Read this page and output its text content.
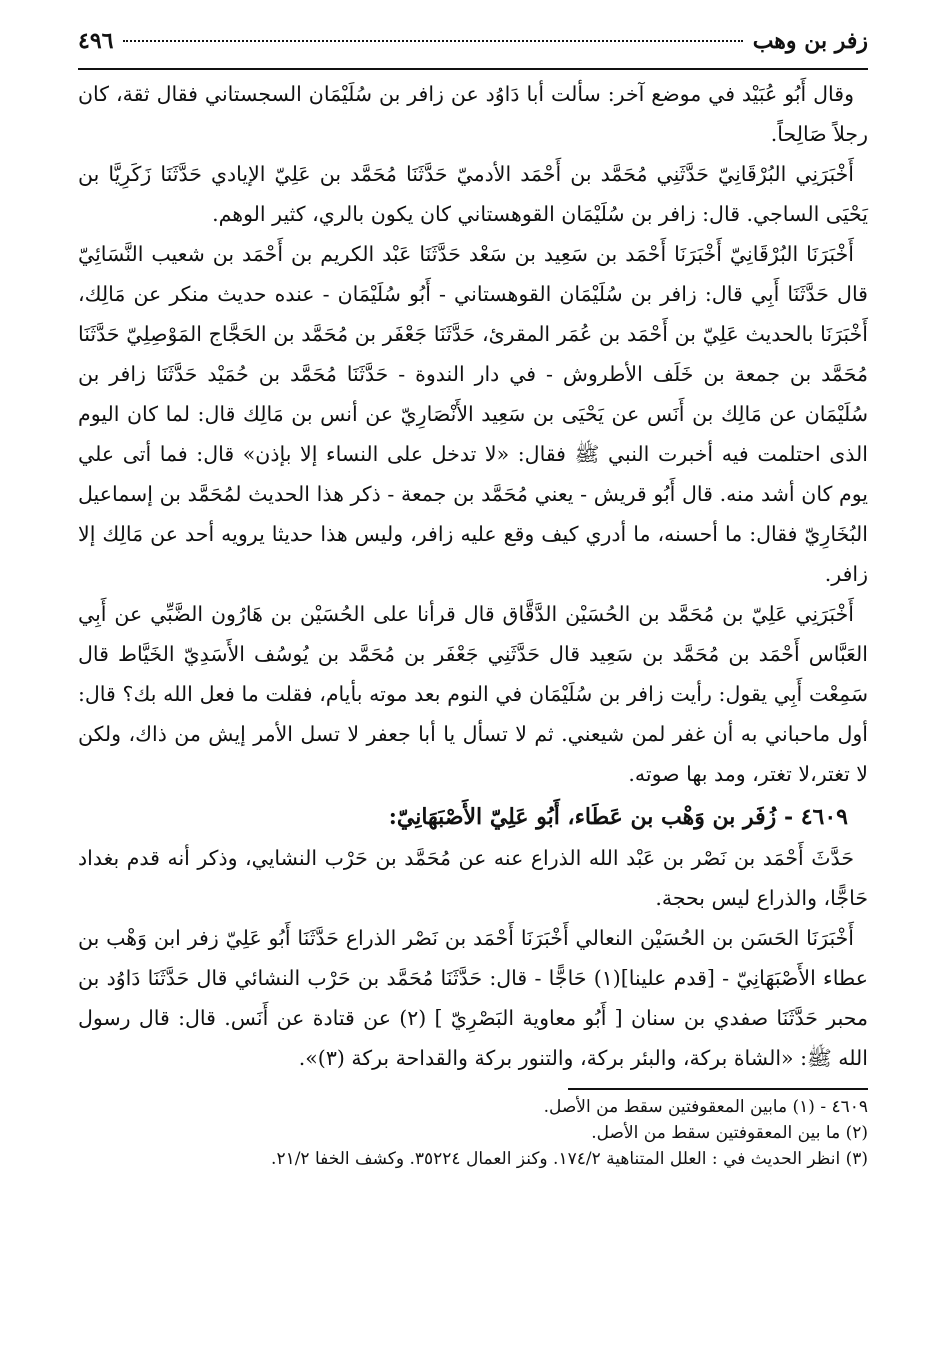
زفر بن وهب
٤٩٦

وقال أَبُو عُبَيْد في موضع آخر: سألت أبا دَاوُد عن زافر بن سُلَيْمَان السجستاني فقال ثقة، كان رجلاً صَالِحاً.

أَخْبَرَنِي البُرْقَانِيّ حَدَّثَنِي مُحَمَّد بن أَحْمَد الأدميّ حَدَّثَنَا مُحَمَّد بن عَلِيّ الإيادي حَدَّثَنَا زَكَرِيَّا بن يَحْيَى الساجي. قال: زافر بن سُلَيْمَان القوهستاني كان يكون بالري، كثير الوهم.

أَخْبَرَنَا البُرْقَانِيّ أَخْبَرَنَا أَحْمَد بن سَعِيد بن سَعْد حَدَّثَنَا عَبْد الكريم بن أَحْمَد بن شعيب النَّسَائِيّ قال حَدَّثَنَا أَبِي قال: زافر بن سُلَيْمَان القوهستاني - أَبُو سُلَيْمَان - عنده حديث منكر عن مَالِك، أَخْبَرَنَا بالحديث عَلِيّ بن أَحْمَد بن عُمَر المقرئ، حَدَّثَنَا جَعْفَر بن مُحَمَّد بن الحَجَّاج المَوْصِلِيّ حَدَّثَنَا مُحَمَّد بن جمعة بن خَلَف الأطروش - في دار الندوة - حَدَّثَنَا مُحَمَّد بن حُمَيْد حَدَّثَنَا زافر بن سُلَيْمَان عن مَالِك بن أَنَس عن يَحْيَى بن سَعِيد الأَنْصَارِيّ عن أنس بن مَالِك قال: لما كان اليوم الذى احتلمت فيه أخبرت النبي ﷺ فقال: «لا تدخل على النساء إلا بإذن» قال: فما أتى علي يوم كان أشد منه. قال أَبُو قريش - يعني مُحَمَّد بن جمعة - ذكر هذا الحديث لمُحَمَّد بن إسماعيل البُخَارِيّ فقال: ما أحسنه، ما أدري كيف وقع عليه زافر، وليس هذا حديثا يرويه أحد عن مَالِك إلا زافر.

أَخْبَرَنِي عَلِيّ بن مُحَمَّد بن الحُسَيْن الدَّقَّاق قال قرأنا على الحُسَيْن بن هَارُون الضَّبِّي عن أَبِي العَبَّاس أَحْمَد بن مُحَمَّد بن سَعِيد قال حَدَّثَنِي جَعْفَر بن مُحَمَّد بن يُوسُف الأَسَدِيّ الخَيَّاط قال سَمِعْت أَبِي يقول: رأيت زافر بن سُلَيْمَان في النوم بعد موته بأيام، فقلت ما فعل الله بك؟ قال: أول ماحباني به أن غفر لمن شيعني. ثم لا تسأل يا أبا جعفر لا تسل الأمر إيش من ذاك، ولكن لا تغتر،لا تغتر، ومد بها صوته.

٤٦٠٩ - زُفَر بن وَهْب بن عَطَاء، أَبُو عَلِيّ الأَصْبَهَانِيّ:

حَدَّثَ أَحْمَد بن نَصْر بن عَبْد الله الذراع عنه عن مُحَمَّد بن حَرْب النشايي، وذكر أنه قدم بغداد حَاجًّا، والذراع ليس بحجة.

أَخْبَرَنَا الحَسَن بن الحُسَيْن النعالي أَخْبَرَنَا أَحْمَد بن نَصْر الذراع حَدَّثَنَا أَبُو عَلِيّ زفر ابن وَهْب بن عطاء الأَصْبَهَانِيّ - [قدم علينا](١) حَاجًّا - قال: حَدَّثَنَا مُحَمَّد بن حَرْب النشائي قال حَدَّثَنَا دَاوُد بن محبر حَدَّثَنَا صفدي بن سنان [ أَبُو معاوية البَصْرِيّ ] (٢) عن قتادة عن أَنَس. قال: قال رسول الله ﷺ: «الشاة بركة، والبئر بركة، والتنور بركة والقداحة بركة (٣)».

٤٦٠٩ - (١) مابين المعقوفتين سقط من الأصل.

(٢) ما بين المعقوفتين سقط من الأصل.

(٣) انظر الحديث في : العلل المتناهية ١٧٤/٢. وكنز العمال ٣٥٢٢٤. وكشف الخفا ٢١/٢.
